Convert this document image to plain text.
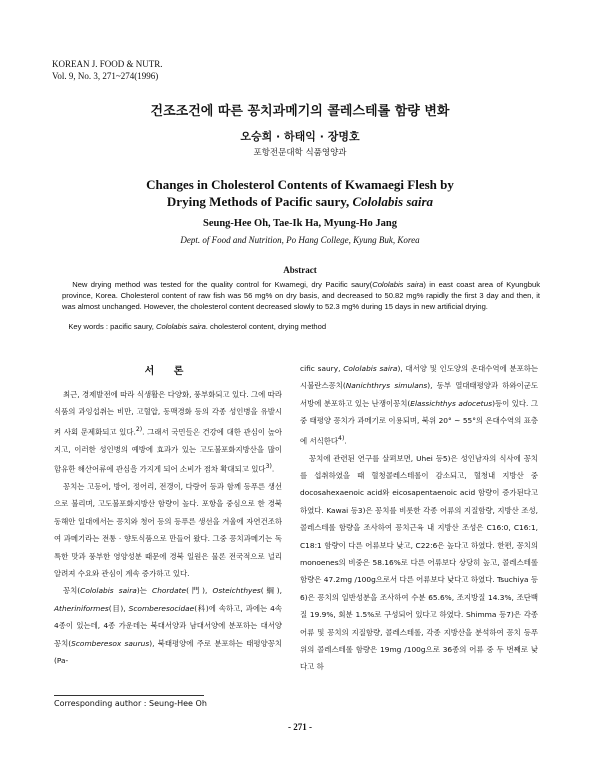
KOREAN J. FOOD & NUTR.
Vol. 9, No. 3, 271~274(1996)
건조조건에 따른 꽁치과메기의 콜레스테롤 함량 변화
오승희 · 하태익 · 장명호
포항전문대학 식품영양과
Changes in Cholesterol Contents of Kwamaegi Flesh by
Drying Methods of Pacific saury, Cololabis saira
Seung-Hee Oh, Tae-Ik Ha, Myung-Ho Jang
Dept. of Food and Nutrition, Po Hang College, Kyung Buk, Korea
Abstract

New drying method was tested for the quality control for Kwamegi, dry Pacific saury(Cololabis saira) in east coast area of Kyungbuk province, Korea. Cholesterol content of raw fish was 56 mg% on dry basis, and decreased to 50.82 mg% rapidly the first 3 day and then, it was almost unchanged. However, the cholesterol content decreased slowly to 52.3 mg% during 15 days in new artificial drying.

Key words : pacific saury, Cololabis saira. cholesterol content, drying method
서 론

최근, 경제발전에 따라 식생활은 다양화, 풍부화되고 있다. 그에 따라 식품의 과잉섭취는 비만, 고혈압, 동맥경화 등의 각종 성인병을 유발시켜 사회 문제화되고 있다.$^{2)}$. 그래서 국민들은 건강에 대한 관심이 높아지고, 이러한 성인병의 예방에 효과가 있는 고도불포화지방산을 많이 함유한 해산어류에 관심을 가지게 되어 소비가 점차 확대되고 있다$^{3)}$.

꽁치는 고등어, 방어, 정어리, 전갱이, 다랑어 등과 함께 등푸른 생선으로 불리며, 고도불포화지방산 함량이 높다. 포항을 중심으로 한 경북 동해안 일대에서는 꽁치와 청어 등의 등푸른 생선을 겨울에 자연건조하여 과메기라는 전통 · 향토식품으로 만들어 왔다. 그중 꽁치과메기는 독특한 맛과 풍부한 영양성분 때문에 경북 일원은 물론 전국적으로 널리 알려져 수요와 관심이 계속 증가하고 있다.

꽁치(Cololabis saira)는 Chordate(門), Osteichthyes(綱), Atheriniformes(目), Scomberesocidae(科)에 속하고, 과에는 4속 4종이 있는데, 4종 가운데는 북대서양과 남대서양에 분포하는 대서양꽁치(Scomberesox saurus), 북태평양에 주로 분포하는 태평양꽁치(Pa-

cific saury, Cololabis saira), 대서양 및 인도양의 온대수역에 분포하는 시불란스꽁치(Nanichthrys simulans), 동부 열대태평양과 하와이군도 서방에 분포하고 있는 난쟁이꽁치(Elassichthys adocetus)등이 있다. 그 중 태평양 꽁치가 과메기로 이용되며, 북위 20° ~ 55°의 온대수역의 표층에 서식한다$^{4)}$.

꽁치에 관련된 연구를 살펴보면, Uhei 등5)은 성인남자의 식사에 꽁치를 섭취하였을 때 혈청콜레스테롤이 감소되고, 혈청내 지방산 중 docosahexaenoic acid와 eicosapentaenoic acid 함량이 증가된다고 하였다. Kawai 등3)은 꽁치를 비롯한 각종 어류의 지질함량, 지방산 조성, 콜레스테롤 함량을 조사하여 꽁치근육 내 지방산 조성은 C16:0, C16:1, C18:1 함량이 다른 어류보다 낮고, C22:6은 높다고 하였다. 한편, 꽁치의 monoenes의 비중은 58.16%로 다른 어류보다 상당히 높고, 콜레스테롤 함량은 47.2mg /100g으로서 다른 어류보다 낮다고 하였다. Tsuchiya 등6)은 꽁치의 일반성분을 조사하여 수분 65.6%, 조지방질 14.3%, 조단백질 19.9%, 회분 1.5%로 구성되어 있다고 하였다. Shimma 등7)은 각종 어류 및 꽁치의 지질함량, 콜레스테롤, 각종 지방산을 분석하여 꽁치 등푸위의 콜레스테롤 함량은 19mg /100g으로 36종의 어류 중 두 번째로 낮다고 하

Corresponding author : Seung-Hee Oh
- 271 -
